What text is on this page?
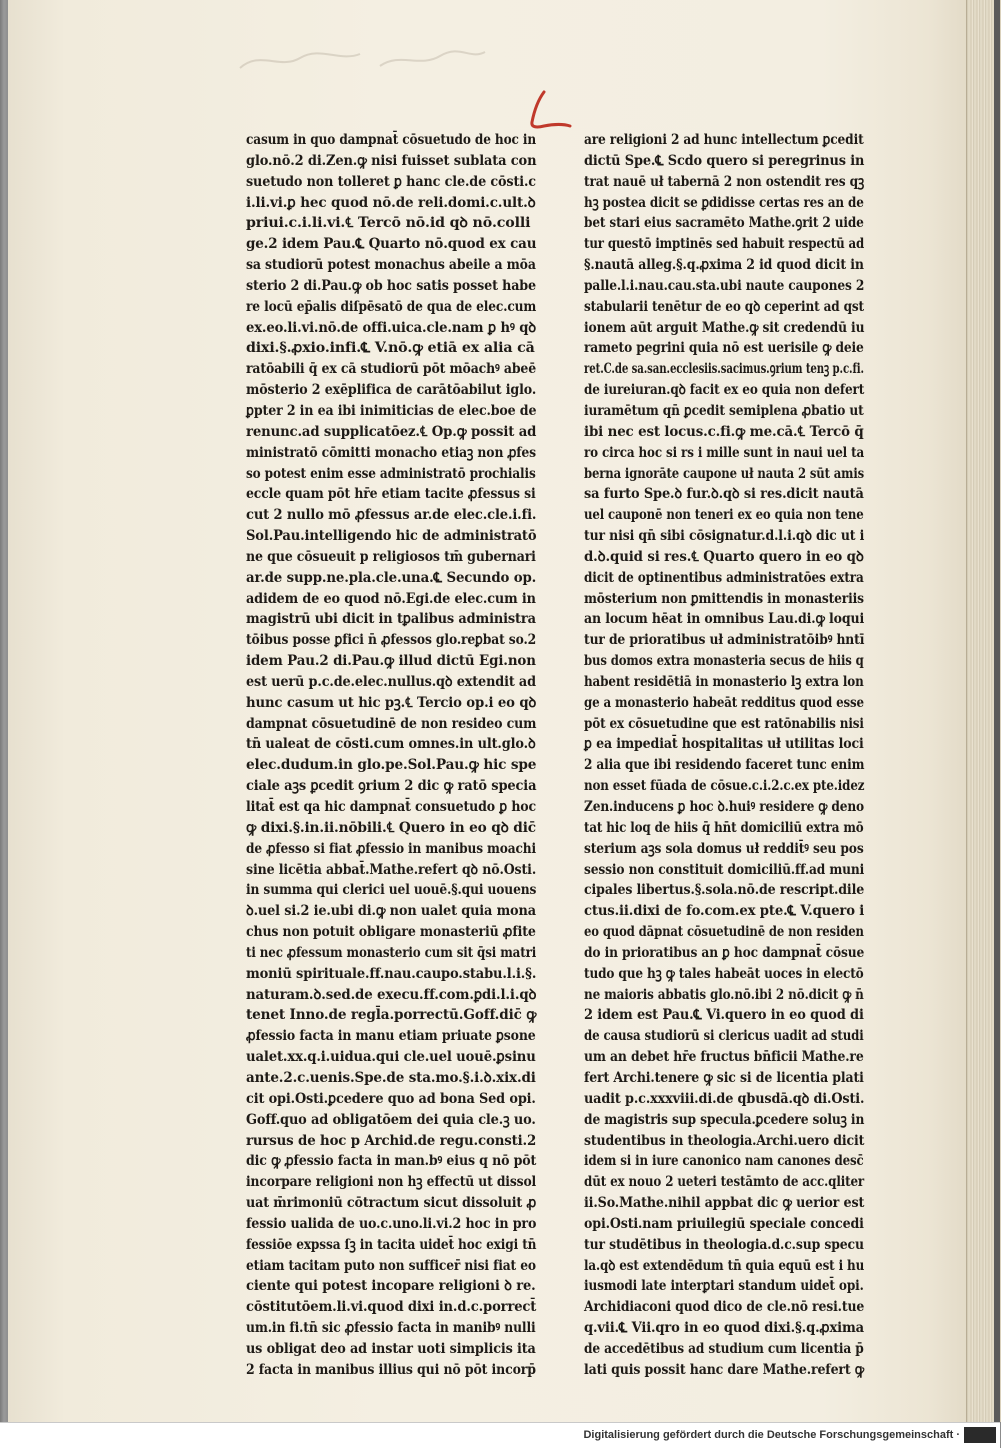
casum in quo dampnat̄ cōsuetudo de hoc in
glo.nō.2 di.Zen.ꝙ nisi fuisset sublata con
suetudo non tolleret ꝑ hanc cle.de cōsti.c
i.li.vi.ꝑ hec quod nō.de reli.domi.c.ult.ꝺ
priui.c.i.li.vi.℄ Tercō nō.id qꝺ nō.colli
ge.2 idem Pau.℄ Quarto nō.quod ex cau
sa studiorū potest monachus abeile a mōa
sterio 2 di.Pau.ꝙ ob hoc satis posset habe
re locū ep̄alis diſpēsatō de qua de elec.cum
ex.eo.li.vi.nō.de offi.uica.cle.nam ꝑ hꝰ qꝺ
dixi.§.ꝓxio.infi.℄ V.nō.ꝙ etiā ex alia cā
ratōabili q̄ ex cā studiorū pōt mōachꝰ abeē
mōsterio 2 exēplifica de carātōabilut iglo.
ꝑpter 2 in ea ibi inimiticias de elec.boe de
renunc.ad supplicatōez.℄ Op.ꝙ possit ad
ministratō cōmitti monacho etiaꝫ non ꝓfes
so potest enim esse administratō prochialis
eccle quam pōt hr̄e etiam tacite ꝓfessus si
cut 2 nullo mō ꝓfessus ar.de elec.cle.i.fi.
Sol.Pau.intelligendo hic de administratō
ne que cōsueuit p religiosos tm̄ gubernari
ar.de supp.ne.pla.cle.una.℄ Secundo op.
adidem de eo quod nō.Egi.de elec.cum in
magistrū ubi dicit in tꝑalibus administra
tōibus posse ꝑfici n̄ ꝓfessos glo.reꝑbat so.2
idem Pau.2 di.Pau.ꝙ illud dictū Egi.non
est uerū p.c.de.elec.nullus.qꝺ extendit ad
hunc casum ut hic pꝫ.℄ Tercio op.i eo qꝺ
dampnat cōsuetudinē de non resideo cum
tn̄ ualeat de cōsti.cum omnes.in ult.glo.ꝺ
elec.dudum.in glo.pe.Sol.Pau.ꝙ hic spe
ciale aꝫs ꝑcedit ꝯrium 2 dic ꝙ ratō specia
litat̄ est qa hic dampnat̄ consuetudo ꝑ hoc
ꝙ dixi.§.in.ii.nōbili.℄ Quero in eo qꝺ dic̄
de ꝓfesso si fiat ꝓfessio in manibus moachi
sine licētia abbat̄.Mathe.refert qꝺ nō.Osti.
in summa qui clerici uel uouē.§.qui uouens
ꝺ.uel si.2 ie.ubi di.ꝙ non ualet quia mona
chus non potuit obligare monasteriū ꝓfite
ti nec ꝓfessum monasterio cum sit q̄si matri
moniū spirituale.ff.nau.caupo.stabu.l.i.§.
naturam.ꝺ.sed.de execu.ff.com.ꝑdi.l.i.qꝺ
tenet Inno.de regl̄a.porrectū.Goff.dic̄ ꝙ
ꝓfessio facta in manu etiam priuate ꝑsone
ualet.xx.q.i.uidua.qui cle.uel uouē.ꝑsinu
ante.2.c.uenis.Spe.de sta.mo.§.i.ꝺ.xix.di
cit opi.Osti.ꝑcedere quo ad bona Sed opi.
Goff.quo ad obligatōem dei quia cle.ꝫ uo.
rursus de hoc p Archid.de regu.consti.2
dic ꝙ ꝓfessio facta in man.bꝰ eius q nō pōt
incorpare religioni non hꝫ effectū ut dissol
uat m̄rimoniū cōtractum sicut dissoluit ꝓ
fessio ualida de uo.c.uno.li.vi.2 hoc in pro
fessiōe expssa ſꝫ in tacita uidet̄ hoc exigi tn̄
etiam tacitam puto non sufficer̄ nisi fiat eo
ciente qui potest incopare religioni ꝺ re.
cōstitutōem.li.vi.quod dixi in.d.c.porrect̄
um.in fi.tn̄ sic ꝓfessio facta in manibꝰ nulli
us obligat deo ad instar uoti simplicis ita
2 facta in manibus illius qui nō pōt incorp̄
are religioni 2 ad hunc intellectum ꝑcedit
dictū Spe.℄ Scdo quero si peregrinus in
trat nauē uł tabernā 2 non ostendit res qꝫ
hꝫ postea dicit se ꝑdidisse certas res an de
bet stari eius sacramēto Mathe.ꝯrit 2 uide
tur questō imptinēs sed habuit respectū ad
§.nautā alleg.§.q.ꝓxima 2 id quod dicit in
palle.l.i.nau.cau.sta.ubi naute caupones 2
stabularii tenētur de eo qꝺ ceperint ad qst
ionem aūt arguit Mathe.ꝙ sit credendū iu
rameto pegrini quia nō est uerisile ꝙ deie
ret.C.de sa.san.ecclesiis.sacimus.ꝯrium tenꝫ p.c.fi.
de iureiuran.qꝺ facit ex eo quia non defert
iuramētum qn̄ ꝑcedit semiplena ꝓbatio ut
ibi nec est locus.c.fi.ꝙ me.cā.℄ Tercō q̄
ro circa hoc si rs i mille sunt in naui uel ta
berna ignorāte caupone uł nauta 2 sūt amis
sa furto Spe.ꝺ fur.ꝺ.qꝺ si res.dicit nautā
uel cauponē non teneri ex eo quia non tene
tur nisi qn̄ sibi cōsignatur.d.l.i.qꝺ dic ut i
d.ꝺ.quid si res.℄ Quarto quero in eo qꝺ
dicit de optinentibus administratōes extra
mōsterium non ꝑmittendis in monasteriis
an locum hēat in omnibus Lau.di.ꝙ loqui
tur de prioratibus uł administratōibꝰ hntī
bus domos extra monasteria secus de hiis q
habent residētiā in monasterio lꝫ extra lon
ge a monasterio habeāt redditus quod esse
pōt ex cōsuetudine que est ratōnabilis nisi
ꝑ ea impediat̄ hospitalitas uł utilitas loci
2 alia que ibi residendo faceret tunc enim
non esset fūada de cōsue.c.i.2.c.ex pte.idez
Zen.inducens ꝑ hoc ꝺ.huiꝰ residere ꝙ deno
tat hic loq de hiis q̄ hn̄t domiciliū extra mō
sterium aꝫs sola domus uł reddit̄ꝰ seu pos
sessio non constituit domiciliū.ff.ad muni
cipales libertus.§.sola.nō.de rescript.dile
ctus.ii.dixi de fo.com.ex pte.℄ V.quero i
eo quod dāpnat cōsuetudinē de non residen
do in prioratibus an ꝑ hoc dampnat̄ cōsue
tudo que hꝫ ꝙ tales habeāt uoces in electō
ne maioris abbatis glo.nō.ibi 2 nō.dicit ꝙ n̄
2 idem est Pau.℄ Vi.quero in eo quod di
de causa studiorū si clericus uadit ad studi
um an debet hr̄e fructus bn̄ficii Mathe.re
fert Archi.tenere ꝙ sic si de licentia plati
uadit p.c.xxxviii.di.de qbusdā.qꝺ di.Osti.
de magistris sup specula.ꝑcedere soluꝫ in
studentibus in theologia.Archi.uero dicit
idem si in iure canonico nam canones desc̄
dūt ex nouo 2 ueteri testāmto de acc.qliter
ii.So.Mathe.nihil appbat dic ꝙ uerior est
opi.Osti.nam priuilegiū speciale concedi
tur studētibus in theologia.d.c.sup specu
la.qꝺ est extendēdum tn̄ quia equū est i hu
iusmodi late interꝑtari standum uidet̄ opi.
Archidiaconi quod dico de cle.nō resi.tue
q.vii.℄ Vii.qro in eo quod dixi.§.q.ꝓxima
de accedētibus ad studium cum licentia p̄
lati quis possit hanc dare Mathe.refert ꝙ
Digitalisierung gefördert durch die Deutsche Forschungsgemeinschaft ·
